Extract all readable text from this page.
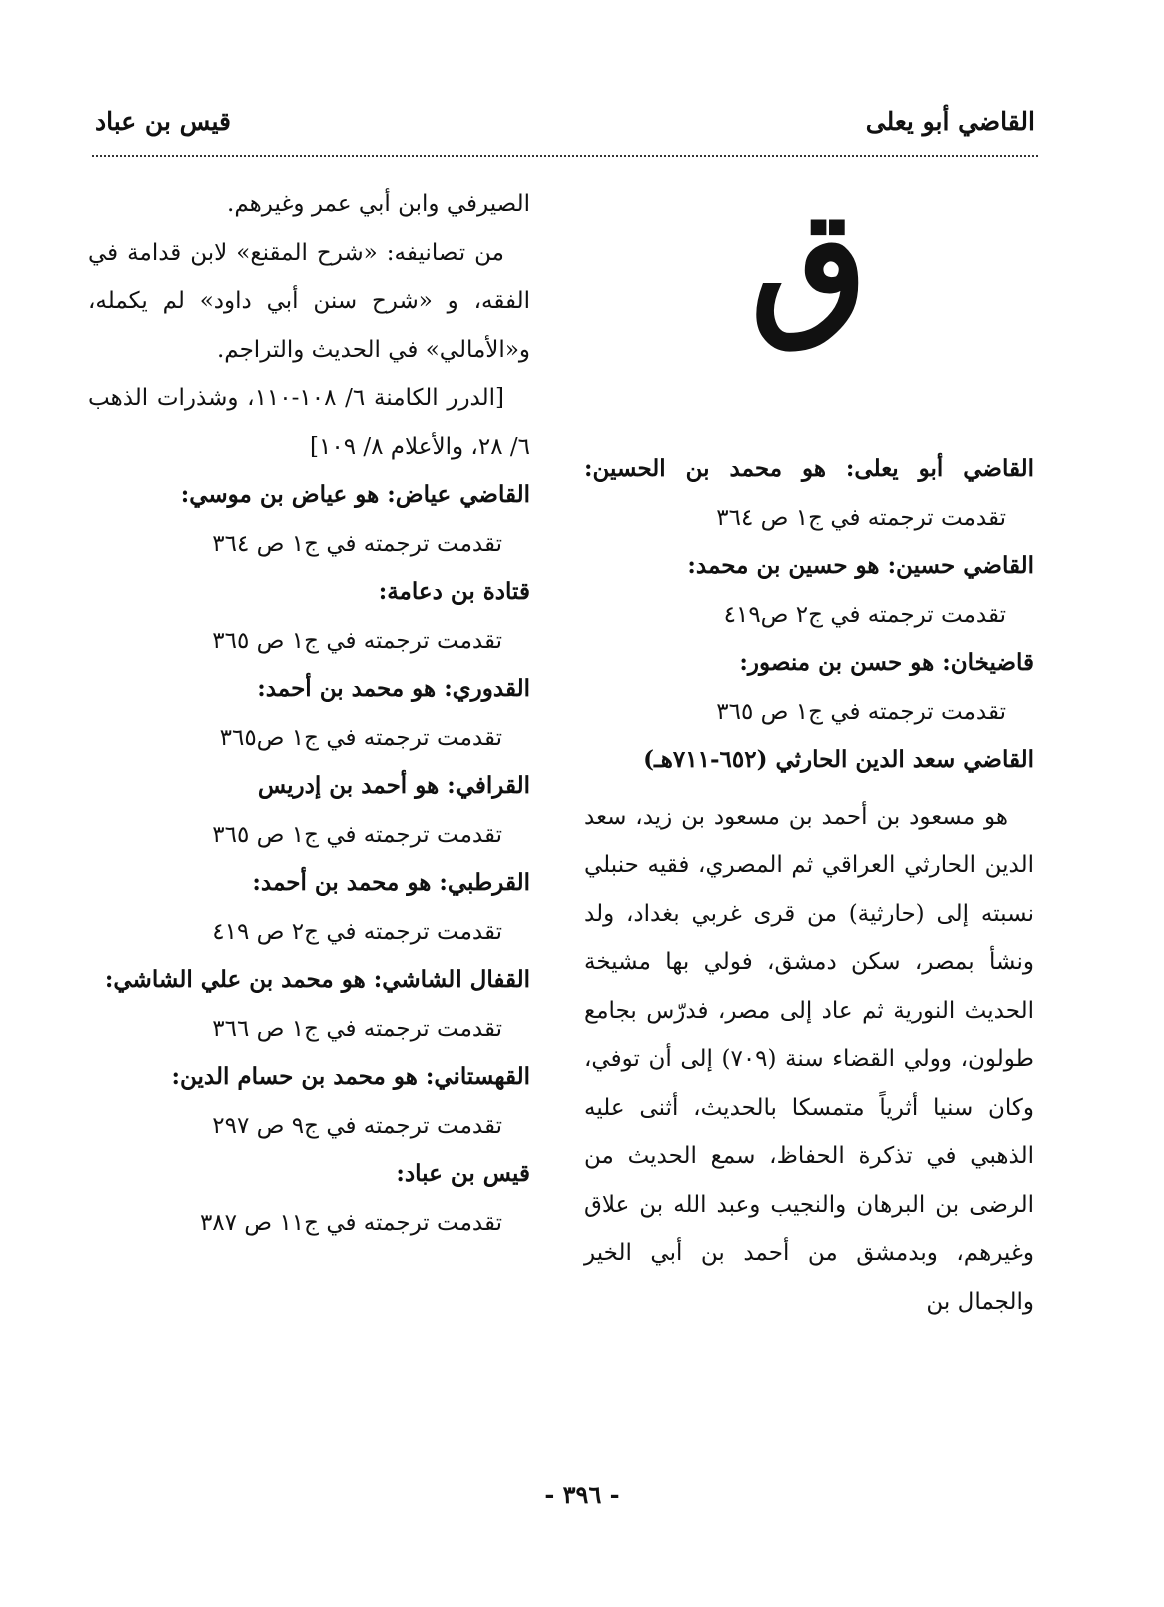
القاضي أبو يعلى
قيس بن عباد
ق
القاضي أبو يعلى: هو محمد بن الحسين:
تقدمت ترجمته في ج١ ص ٣٦٤
القاضي حسين: هو حسين بن محمد:
تقدمت ترجمته في ج٢ ص٤١٩
قاضيخان: هو حسن بن منصور:
تقدمت ترجمته في ج١ ص ٣٦٥
القاضي سعد الدين الحارثي (٦٥٢-٧١١هـ)
هو مسعود بن أحمد بن مسعود بن زيد، سعد الدين الحارثي العراقي ثم المصري، فقيه حنبلي نسبته إلى (حارثية) من قرى غربي بغداد، ولد ونشأ بمصر، سكن دمشق، فولي بها مشيخة الحديث النورية ثم عاد إلى مصر، فدرّس بجامع طولون، وولي القضاء سنة (٧٠٩) إلى أن توفي، وكان سنيا أثرياً متمسكا بالحديث، أثنى عليه الذهبي في تذكرة الحفاظ، سمع الحديث من الرضى بن البرهان والنجيب وعبد الله بن علاق وغيرهم، وبدمشق من أحمد بن أبي الخير والجمال بن
الصيرفي وابن أبي عمر وغيرهم.
من تصانيفه: «شرح المقنع» لابن قدامة في الفقه، و «شرح سنن أبي داود» لم يكمله، و«الأمالي» في الحديث والتراجم.
[الدرر الكامنة ٦/ ١٠٨-١١٠، وشذرات الذهب ٦/ ٢٨، والأعلام ٨/ ١٠٩]
القاضي عياض: هو عياض بن موسي:
تقدمت ترجمته في ج١ ص ٣٦٤
قتادة بن دعامة:
تقدمت ترجمته في ج١ ص ٣٦٥
القدوري: هو محمد بن أحمد:
تقدمت ترجمته في ج١ ص٣٦٥
القرافي: هو أحمد بن إدريس
تقدمت ترجمته في ج١ ص ٣٦٥
القرطبي: هو محمد بن أحمد:
تقدمت ترجمته في ج٢ ص ٤١٩
القفال الشاشي: هو محمد بن علي الشاشي:
تقدمت ترجمته في ج١ ص ٣٦٦
القهستاني: هو محمد بن حسام الدين:
تقدمت ترجمته في ج٩ ص ٢٩٧
قيس بن عباد:
تقدمت ترجمته في ج١١ ص ٣٨٧
- ٣٩٦ -
